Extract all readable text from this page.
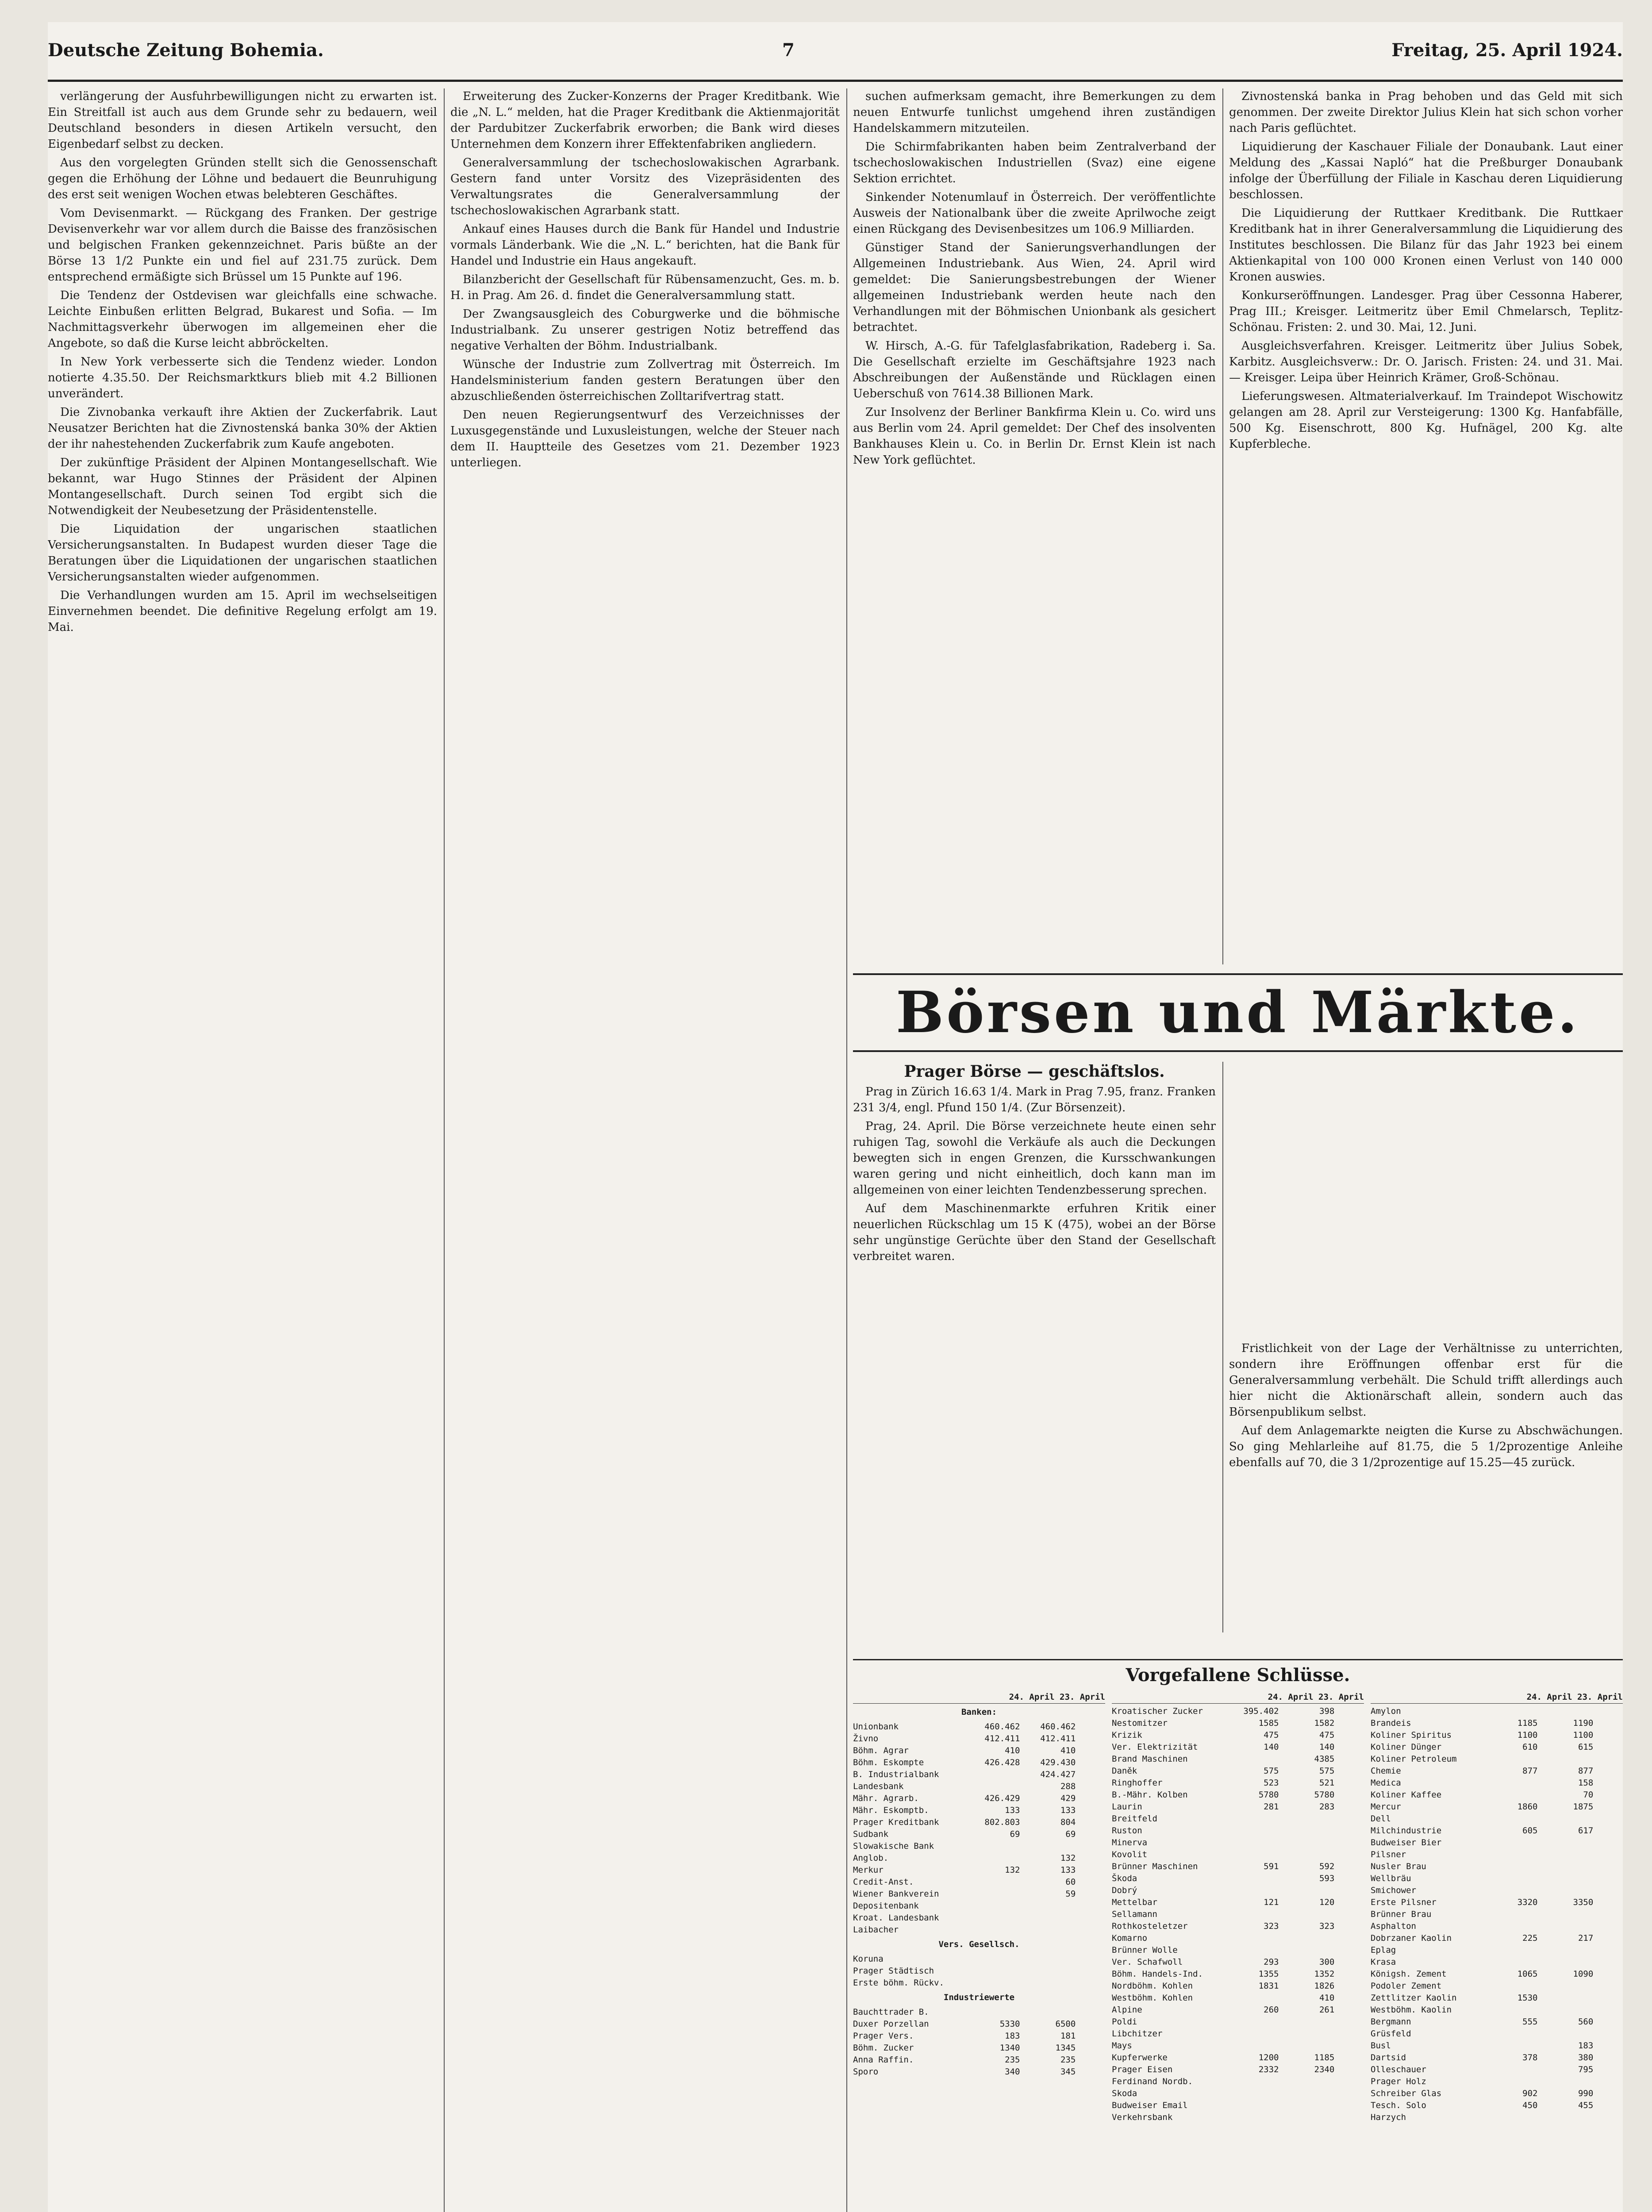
Deutsche Zeitung Bohemia.	7	Freitag, 25. April 1924.

verlängerung der Ausfuhrbewilligungen nicht zu erwarten ist. Ein Streitfall ist auch aus dem Grunde sehr zu bedauern, weil Deutschland besonders in diesen Artikeln versucht, den Eigenbedarf selbst zu decken.

Aus den vorgelegten Gründen stellt sich die Genossenschaft gegen die Erhöhung der Löhne und bedauert die Beunruhigung des erst seit wenigen Wochen etwas belebteren Geschäftes.

Vom Devisenmarkt. — Rückgang des Franken. Der gestrige Devisenverkehr war vor allem durch die Baisse des französischen und belgischen Franken gekennzeichnet. Paris büßte an der Börse 13 1/2 Punkte ein und fiel auf 231.75 zurück. Dem entsprechend ermäßigte sich Brüssel um 15 Punkte auf 196.

Die Tendenz der Ostdevisen war gleichfalls eine schwache. Leichte Einbußen erlitten Belgrad, Bukarest und Sofia. — Im Nachmittagsverkehr überwogen im allgemeinen eher die Angebote, so daß die Kurse leicht abbröckelten.

In New York verbesserte sich die Tendenz wieder. London notierte 4.35.50. Der Reichsmarktkurs blieb mit 4.2 Billionen unverändert.

Die Zivnobanka verkauft ihre Aktien der Zuckerfabrik. Laut Neusatzer Berichten hat die Zivnostenská banka 30% der Aktien der ihr nahestehenden Zuckerfabrik zum Kaufe angeboten.

Der zukünftige Präsident der Alpinen Montangesellschaft. Wie bekannt, war Hugo Stinnes der Präsident der Alpinen Montangesellschaft. Durch seinen Tod ergibt sich die Notwendigkeit der Neubesetzung der Präsidentenstelle.

Die Liquidation der ungarischen staatlichen Versicherungsanstalten. In Budapest wurden dieser Tage die Beratungen über die Liquidationen der ungarischen staatlichen Versicherungsanstalten wieder aufgenommen.

Die Verhandlungen wurden am 15. April im wechselseitigen Einvernehmen beendet. Die definitive Regelung erfolgt am 19. Mai.

Erweiterung des Zucker-Konzerns der Prager Kreditbank. Wie die „N. L.“ melden, hat die Prager Kreditbank die Aktienmajorität der Pardubitzer Zuckerfabrik erworben; die Bank wird dieses Unternehmen dem Konzern ihrer Effektenfabriken angliedern.

Generalversammlung der tschechoslowakischen Agrarbank. Gestern fand unter Vorsitz des Vizepräsidenten des Verwaltungsrates die Generalversammlung der tschechoslowakischen Agrarbank statt.

Ankauf eines Hauses durch die Bank für Handel und Industrie vormals Länderbank. Wie die „N. L.“ berichten, hat die Bank für Handel und Industrie ein Haus angekauft.

Bilanzbericht der Gesellschaft für Rübensamenzucht, Ges. m. b. H. in Prag. Am 26. d. findet die Generalversammlung statt.

Der Zwangsausgleich des Coburgwerke und die böhmische Industrialbank. Zu unserer gestrigen Notiz betreffend das negative Verhalten der Böhm. Industrialbank.

Wünsche der Industrie zum Zollvertrag mit Österreich. Im Handelsministerium fanden gestern Beratungen über den abzuschließenden österreichischen Zolltarifvertrag statt.

Den neuen Regierungsentwurf des Verzeichnisses der Luxusgegenstände und Luxusleistungen, welche der Steuer nach dem II. Hauptteile des Gesetzes vom 21. Dezember 1923 unterliegen.

suchen aufmerksam gemacht, ihre Bemerkungen zu dem neuen Entwurfe tunlichst umgehend ihren zuständigen Handelskammern mitzuteilen.

Die Schirmfabrikanten haben beim Zentralverband der tschechoslowakischen Industriellen (Svaz) eine eigene Sektion errichtet.

Sinkender Notenumlauf in Österreich. Der veröffentlichte Ausweis der Nationalbank über die zweite Aprilwoche zeigt einen Rückgang des Devisenbesitzes um 106.9 Milliarden.

Günstiger Stand der Sanierungsverhandlungen der Allgemeinen Industriebank. Aus Wien, 24. April wird gemeldet: Die Sanierungsbestrebungen der Wiener allgemeinen Industriebank werden heute nach den Verhandlungen mit der Böhmischen Unionbank als gesichert betrachtet.

W. Hirsch, A.-G. für Tafelglasfabrikation, Radeberg i. Sa. Die Gesellschaft erzielte im Geschäftsjahre 1923 nach Abschreibungen der Außenstände und Rücklagen einen Ueberschuß von 7614.38 Billionen Mark.

Zur Insolvenz der Berliner Bankfirma Klein u. Co. wird uns aus Berlin vom 24. April gemeldet: Der Chef des insolventen Bankhauses Klein u. Co. in Berlin Dr. Ernst Klein ist nach New York geflüchtet.

Zivnostenská banka in Prag behoben und das Geld mit sich genommen. Der zweite Direktor Julius Klein hat sich schon vorher nach Paris geflüchtet.

Liquidierung der Kaschauer Filiale der Donaubank. Laut einer Meldung des „Kassai Napló“ hat die Preßburger Donaubank infolge der Überfüllung der Filiale in Kaschau deren Liquidierung beschlossen.

Die Liquidierung der Ruttkaer Kreditbank. Die Ruttkaer Kreditbank hat in ihrer Generalversammlung die Liquidierung des Institutes beschlossen. Die Bilanz für das Jahr 1923 bei einem Aktienkapital von 100 000 Kronen einen Verlust von 140 000 Kronen auswies.

Konkurseröffnungen. Landesger. Prag über Cessonna Haberer, Prag III.; Kreisger. Leitmeritz über Emil Chmelarsch, Teplitz-Schönau. Fristen: 2. und 30. Mai, 12. Juni.

Ausgleichsverfahren. Kreisger. Leitmeritz über Julius Sobek, Karbitz. Ausgleichsverw.: Dr. O. Jarisch. Fristen: 24. und 31. Mai. — Kreisger. Leipa über Heinrich Krämer, Groß-Schönau.

Lieferungswesen. Altmaterialverkauf. Im Traindepot Wischowitz gelangen am 28. April zur Versteigerung: 1300 Kg. Hanfabfälle, 500 Kg. Eisenschrott, 800 Kg. Hufnägel, 200 Kg. alte Kupferbleche.

Börsen und Märkte.
Prager Börse — geschäftslos.

Prag in Zürich 16.63 1/4. Mark in Prag 7.95, franz. Franken 231 3/4, engl. Pfund 150 1/4. (Zur Börsenzeit).

Prag, 24. April. Die Börse verzeichnete heute einen sehr ruhigen Tag, sowohl die Verkäufe als auch die Deckungen bewegten sich in engen Grenzen, die Kursschwankungen waren gering und nicht einheitlich, doch kann man im allgemeinen von einer leichten Tendenzbesserung sprechen.

Auf dem Maschinenmarkte erfuhren Kritik einer neuerlichen Rückschlag um 15 K (475), wobei an der Börse sehr ungünstige Gerüchte über den Stand der Gesellschaft verbreitet waren.

Fristlichkeit von der Lage der Verhältnisse zu unterrichten, sondern ihre Eröffnungen offenbar erst für die Generalversammlung verbehält. Die Schuld trifft allerdings auch hier nicht die Aktionärschaft allein, sondern auch das Börsenpublikum selbst.

Auf dem Anlagemarkte neigten die Kurse zu Abschwächungen. So ging Mehlarleihe auf 81.75, die 5 1/2prozentige Anleihe ebenfalls auf 70, die 3 1/2prozentige auf 15.25—45 zurück.

Vorgefallene Schlüsse.
24. April 23. April
Banken:
Unionbank                 460.462    460.462
Živno                     412.411    412.411
Böhm. Agrar                   410        410
Böhm. Eskompte            426.428    429.430
B. Industrialbank                    424.427
Landesbank                               288
Mähr. Agrarb.             426.429        429
Mähr. Eskomptb.               133        133
Prager Kreditbank         802.803        804
Sudbank                        69         69
Slowakische Bank
Anglob.                                  132
Merkur                        132        133
Credit-Anst.                              60
Wiener Bankverein                         59
Depositenbank
Kroat. Landesbank
Laibacher
Vers. Gesellsch.
Koruna
Prager Städtisch
Erste böhm. Rückv.
Industriewerte
Bauchttrader B.
Duxer Porzellan              5330       6500
Prager Vers.                  183        181
Böhm. Zucker                 1340       1345
Anna Raffin.                  235        235
Sporo                         340        345
24. April 23. April
Kroatischer Zucker        395.402        398
Nestomitzer                  1585       1582
Krizik                        475        475
Ver. Elektrizität             140        140
Brand Maschinen                         4385
Daněk                         575        575
Ringhoffer                    523        521
B.-Mähr. Kolben              5780       5780
Laurin                        281        283
Breitfeld
Ruston
Minerva
Kovolit
Brünner Maschinen             591        592
Škoda                                    593
Dobrý
Mettelbar                     121        120
Sellamann
Rothkosteletzer               323        323
Komarno
Brünner Wolle
Ver. Schafwoll                293        300
Böhm. Handels-Ind.           1355       1352
Nordböhm. Kohlen             1831       1826
Westböhm. Kohlen                         410
Alpine                        260        261
Poldi
Libchitzer
Mays
Kupferwerke                  1200       1185
Prager Eisen                 2332       2340
Ferdinand Nordb.
Skoda
Budweiser Email
Verkehrsbank
24. April 23. April
Amylon
Brandeis                     1185       1190
Koliner Spiritus             1100       1100
Koliner Dünger                610        615
Koliner Petroleum
Chemie                        877        877
Medica                                   158
Koliner Kaffee                            70
Mercur                       1860       1875
Dell
Milchindustrie                605        617
Budweiser Bier
Pilsner
Nusler Brau
Wellbräu
Smichower
Erste Pilsner                3320       3350
Brünner Brau
Asphalton
Dobrzaner Kaolin              225        217
Eplag
Krasa
Königsh. Zement              1065       1090
Podoler Zement
Zettlitzer Kaolin            1530
Westböhm. Kaolin
Bergmann                      555        560
Grüsfeld
Busl                                     183
Dartsid                       378        380
Olleschauer                              795
Prager Holz
Schreiber Glas                902        990
Tesch. Solo                   450        455
Harzych
